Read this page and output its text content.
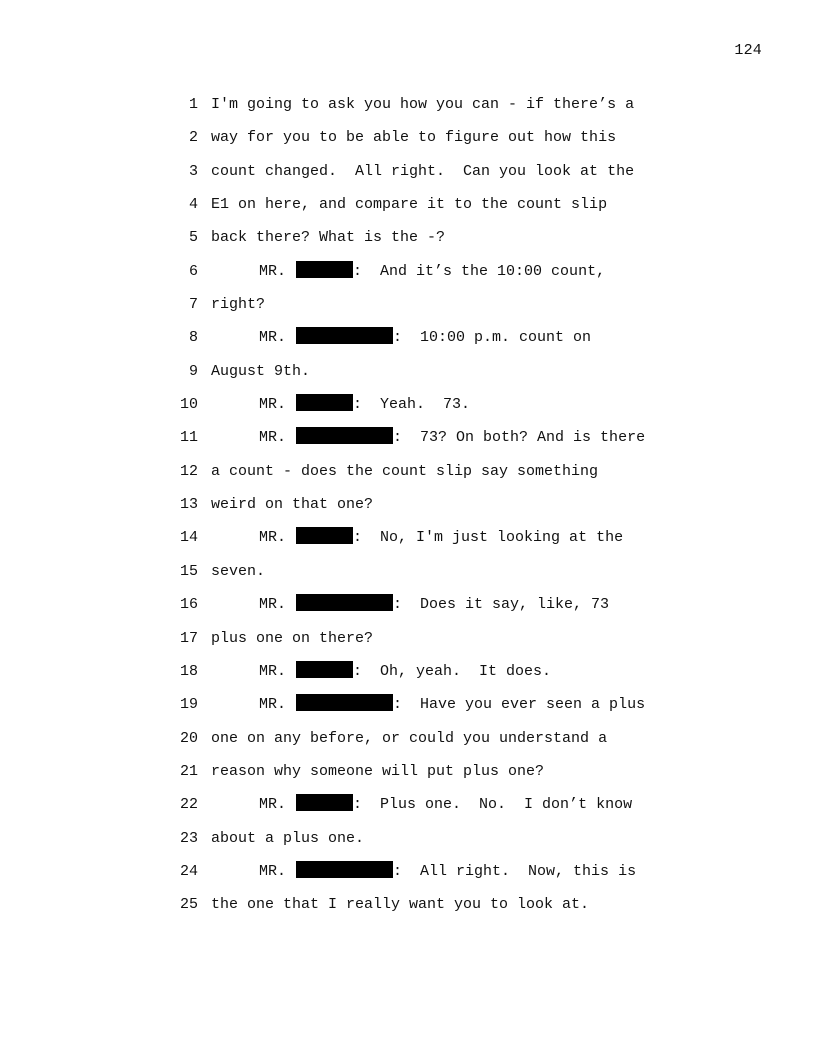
124
1 I'm going to ask you how you can - if there’s a
2 way for you to be able to figure out how this
3 count changed.  All right.  Can you look at the
4 E1 on here, and compare it to the count slip
5 back there? What is the -?
6	MR.	:  And it’s the 10:00 count,
7 right?
8	MR.	:  10:00 p.m. count on
9 August 9th.
10	MR.	:  Yeah.  73.
11	MR.	:  73? On both? And is there
12 a count - does the count slip say something
13 weird on that one?
14	MR.	:  No, I'm just looking at the
15 seven.
16	MR.	:  Does it say, like, 73
17 plus one on there?
18	MR.	:  Oh, yeah.  It does.
19	MR.	:  Have you ever seen a plus
20 one on any before, or could you understand a
21 reason why someone will put plus one?
22	MR.	:  Plus one.  No.  I don’t know
23 about a plus one.
24	MR.	:  All right.  Now, this is
25 the one that I really want you to look at.
